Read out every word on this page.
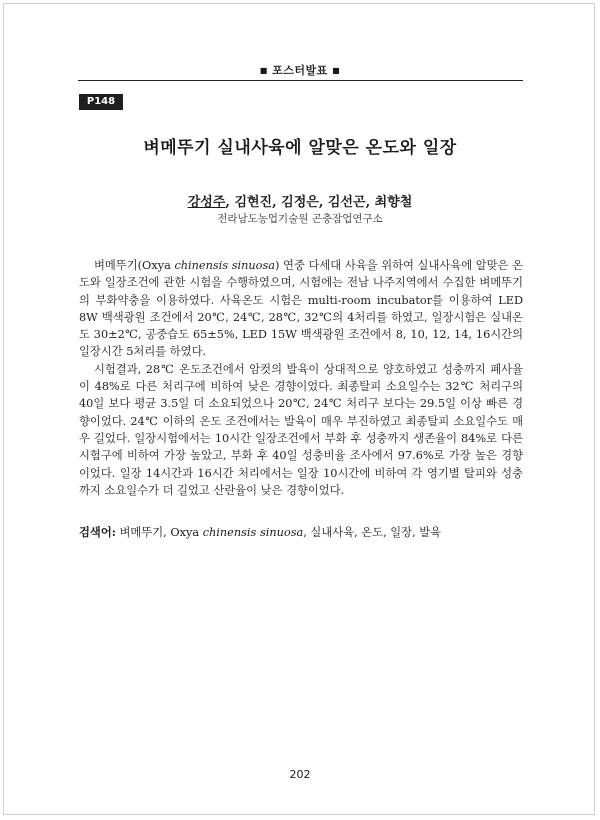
■ 포스터발표 ■
P148
벼메뚜기 실내사육에 알맞은 온도와 일장
강성주, 김현진, 김정은, 김선곤, 최향철
전라남도농업기술원 곤충잠업연구소

벼메뚜기(Oxya chinensis sinuosa) 연중 다세대 사육을 위하여 실내사육에 알맞은 온도와 일장조건에 관한 시험을 수행하였으며, 시험에는 전남 나주지역에서 수집한 벼메뚜기의 부화약충을 이용하였다. 사육온도 시험은 multi-room incubator를 이용하여 LED 8W 백색광원 조건에서 20℃, 24℃, 28℃, 32℃의 4처리를 하였고, 일장시험은 실내온도 30±2℃, 공중습도 65±5%, LED 15W 백색광원 조건에서 8, 10, 12, 14, 16시간의 일장시간 5처리를 하였다.

시험결과, 28℃ 온도조건에서 암컷의 발육이 상대적으로 양호하였고 성충까지 폐사율이 48%로 다른 처리구에 비하여 낮은 경향이었다. 최종탈피 소요일수는 32℃ 처리구의 40일 보다 평균 3.5일 더 소요되었으나 20℃, 24℃ 처리구 보다는 29.5일 이상 빠른 경향이었다. 24℃ 이하의 온도 조건에서는 발육이 매우 부진하였고 최종탈피 소요일수도 매우 길었다. 일장시험에서는 10시간 일장조건에서 부화 후 성충까지 생존율이 84%로 다른 시험구에 비하여 가장 높았고, 부화 후 40일 성충비율 조사에서 97.6%로 가장 높은 경향이었다. 일장 14시간과 16시간 처리에서는 일장 10시간에 비하여 각 영기별 탈피와 성충까지 소요일수가 더 길었고 산란율이 낮은 경향이었다.

검색어: 벼메뚜기, Oxya chinensis sinuosa, 실내사육, 온도, 일장, 발육
202
